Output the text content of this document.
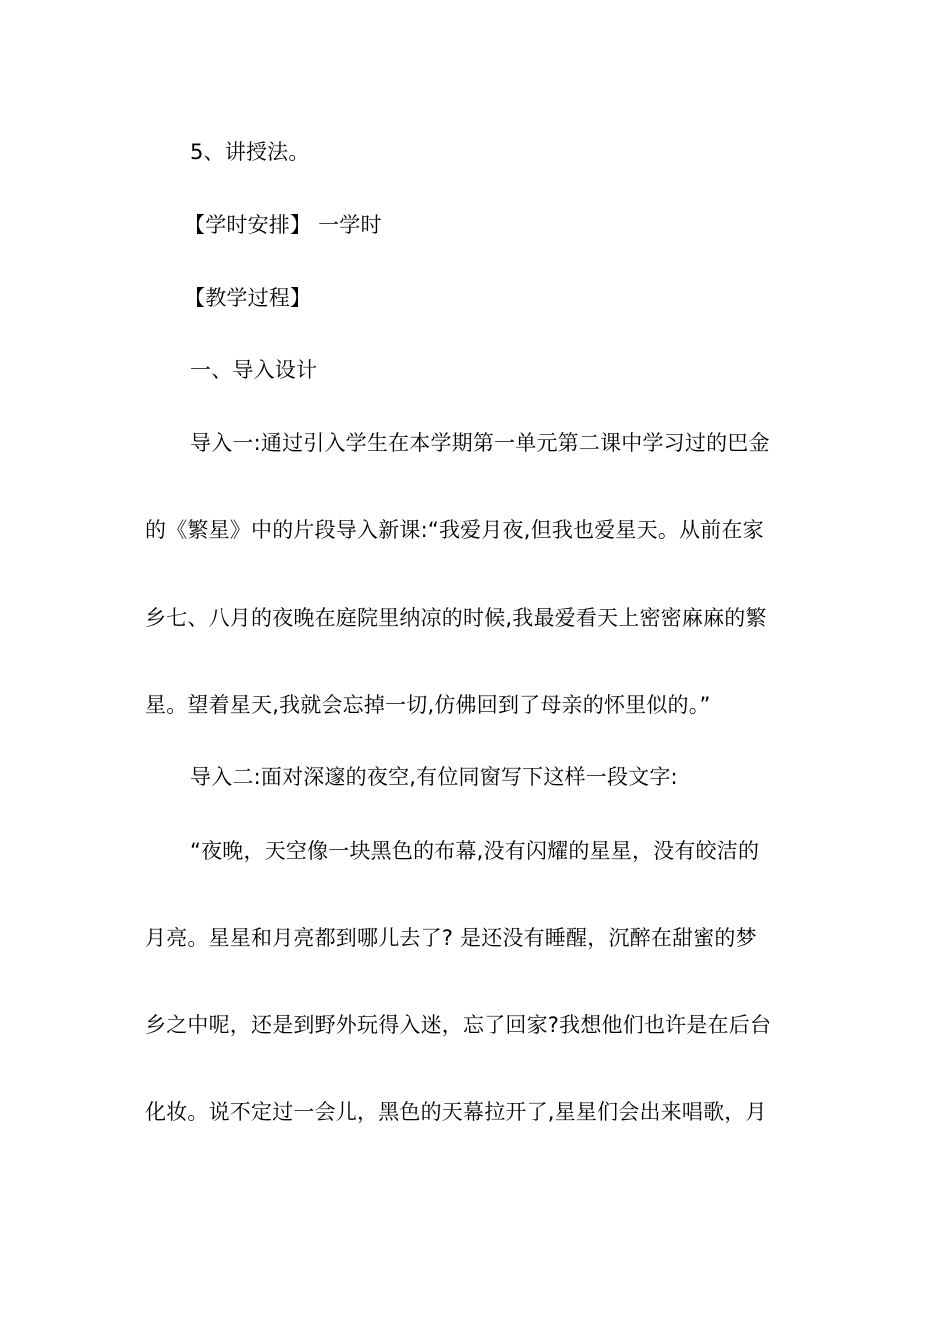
5、讲授法。
【学时安排】 一学时
【教学过程】
一、导入设计
导入一:通过引入学生在本学期第一单元第二课中学习过的巴金
的《繁星》中的片段导入新课:“我爱月夜,但我也爱星天。从前在家
乡七、八月的夜晚在庭院里纳凉的时候,我最爱看天上密密麻麻的繁
星。望着星天,我就会忘掉一切,仿佛回到了母亲的怀里似的。”
导入二:面对深邃的夜空,有位同窗写下这样一段文字:
“夜晚，天空像一块黑色的布幕,没有闪耀的星星，没有皎洁的
月亮。星星和月亮都到哪儿去了? 是还没有睡醒，沉醉在甜蜜的梦
乡之中呢，还是到野外玩得入迷，忘了回家?我想他们也许是在后台
化妆。说不定过一会儿，黑色的天幕拉开了,星星们会出来唱歌，月
